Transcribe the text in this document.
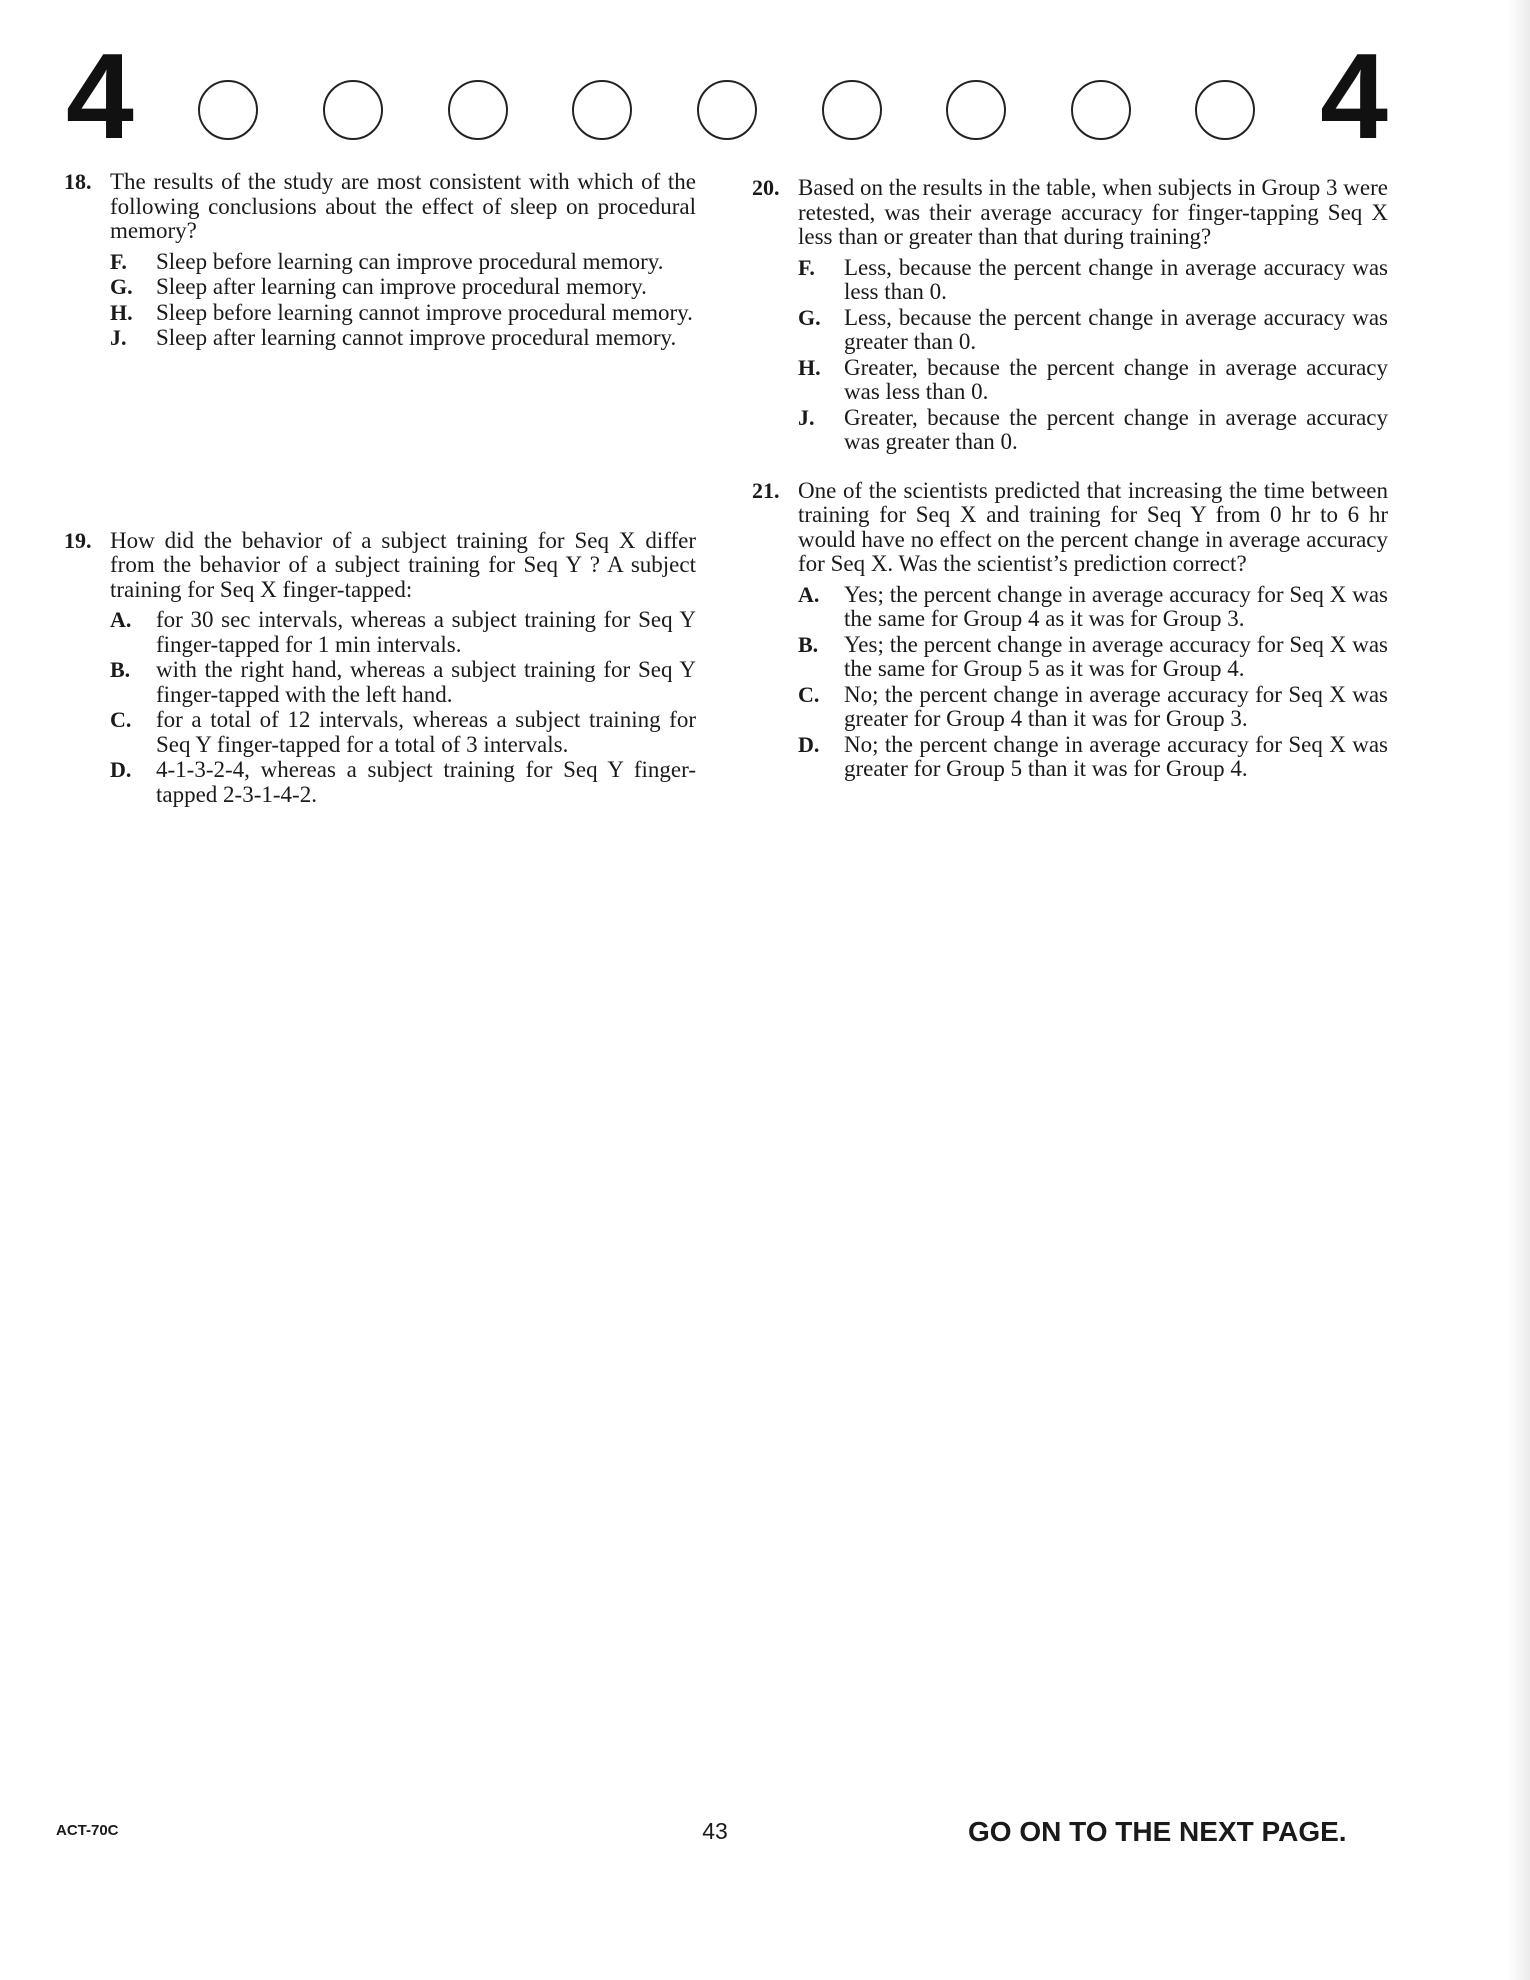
4	4
18. The results of the study are most consistent with which of the following conclusions about the effect of sleep on procedural memory?
F. Sleep before learning can improve procedural memory.
G. Sleep after learning can improve procedural memory.
H. Sleep before learning cannot improve procedural memory.
J. Sleep after learning cannot improve procedural memory.
19. How did the behavior of a subject training for Seq X differ from the behavior of a subject training for Seq Y ? A subject training for Seq X finger-tapped:
A. for 30 sec intervals, whereas a subject training for Seq Y finger-tapped for 1 min intervals.
B. with the right hand, whereas a subject training for Seq Y finger-tapped with the left hand.
C. for a total of 12 intervals, whereas a subject training for Seq Y finger-tapped for a total of 3 intervals.
D. 4-1-3-2-4, whereas a subject training for Seq Y finger-tapped 2-3-1-4-2.
20. Based on the results in the table, when subjects in Group 3 were retested, was their average accuracy for finger-tapping Seq X less than or greater than that during training?
F. Less, because the percent change in average accuracy was less than 0.
G. Less, because the percent change in average accuracy was greater than 0.
H. Greater, because the percent change in average accuracy was less than 0.
J. Greater, because the percent change in average accuracy was greater than 0.
21. One of the scientists predicted that increasing the time between training for Seq X and training for Seq Y from 0 hr to 6 hr would have no effect on the percent change in average accuracy for Seq X. Was the scientist’s prediction correct?
A. Yes; the percent change in average accuracy for Seq X was the same for Group 4 as it was for Group 3.
B. Yes; the percent change in average accuracy for Seq X was the same for Group 5 as it was for Group 4.
C. No; the percent change in average accuracy for Seq X was greater for Group 4 than it was for Group 3.
D. No; the percent change in average accuracy for Seq X was greater for Group 5 than it was for Group 4.
ACT-70C	43	GO ON TO THE NEXT PAGE.
